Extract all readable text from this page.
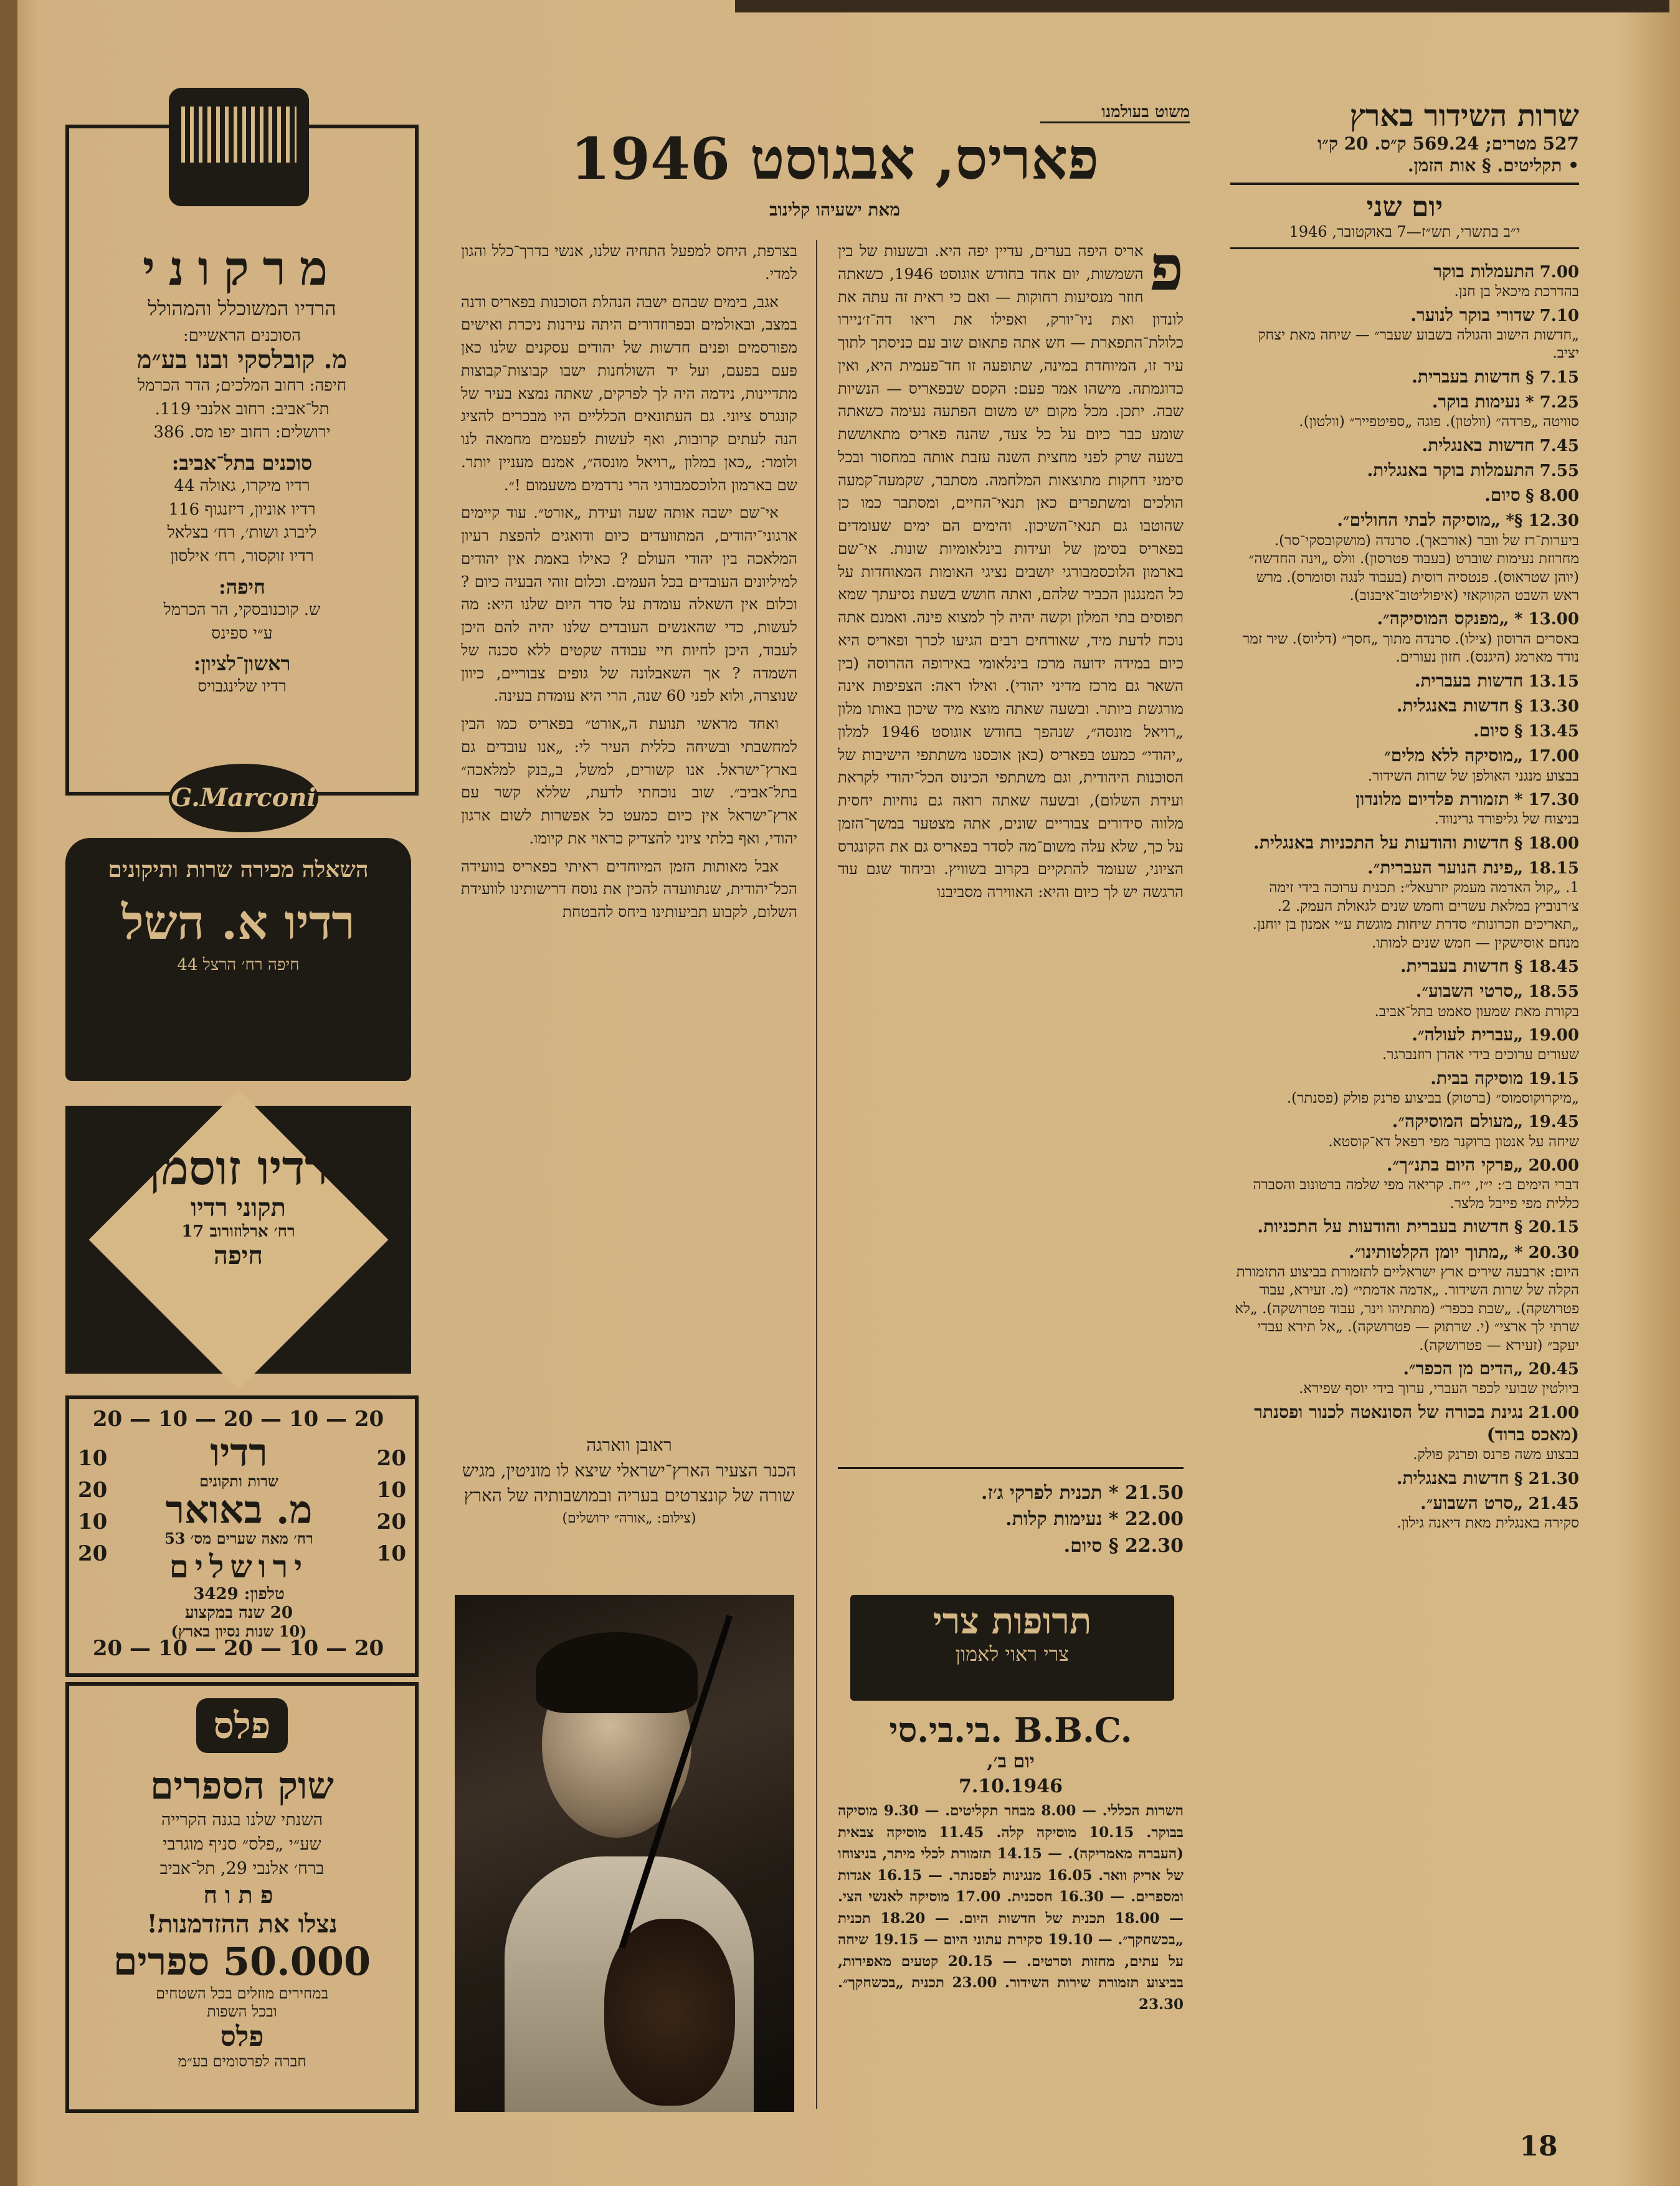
שרות השידור בארץ
527 מטרים; 569.24 ק״ס. 20 ק״ו
• תקליטים. § אות הזמן.
יום שני
י״ב בתשרי, תש״ז—7 באוקטובר, 1946
7.00 התעמלות בוקר
בהדרכת מיכאל בן חנן.
7.10 שדורי בוקר לנוער.
„חדשות הישוב והגולה בשבוע שעבר״ — שיחה מאת יצחק יציב.
7.15 § חדשות בעברית.
7.25 * נעימות בוקר.
סוויטה „פרדה״ (וולטון). פוגה „ספיטפייר״ (וולטון).
7.45 חדשות באנגלית.
7.55 התעמלות בוקר באנגלית.
8.00 § סיום.
12.30 §* „מוסיקה לבתי החולים״.
ביערות־רז של וובר (אורבאך). סרנדה (מושקובסקי־סר). מחרוזת נעימות שוברט (בעבוד פטרסון). וולס „וינה החדשה״ (יוהן שטראוס). פנטסיה רוסית (בעבוד לנגה וסומרס). מרש ראש השבט הקווקאזי (איפוליטוב־איבנוב).
13.00 * „מפנקס המוסיקה״.
באסרים הרוסון (צילו). סרנדה מתוך „חסך״ (דליוס). שיר זמר נודד מארמג (היגנס). חזון נעורים.
13.15 חדשות בעברית.
13.30 § חדשות באנגלית.
13.45 § סיום.
17.00 „מוסיקה ללא מלים״
בבצוע מנגני האולפן של שרות השידור.
17.30 * תזמורת פלדיום מלונדון
בניצוח של גליפורד גרינווד.
18.00 § חדשות והודעות על התכניות באנגלית.
18.15 „פינת הנוער העברית״.
1. „קול האדמה מעמק יזרעאל״: תכנית ערוכה בידי זימה צ׳רנוביץ במלאת עשרים וחמש שנים לגאולת העמק. 2. „תאריכים וזכרונות״ סדרת שיחות מוגשת ע״י אמנון בן יוחנן. מנחם אוסישקין — חמש שנים למותו.
18.45 § חדשות בעברית.
18.55 „סרטי השבוע״.
בקורת מאת שמעון סאמט בתל־אביב.
19.00 „עברית לעולה״.
שעורים ערוכים בידי אהרן רוזנברגר.
19.15 מוסיקה בבית.
„מיקרוקוסמוס״ (ברטוק) בביצוע פרנק פולק (פסנתר).
19.45 „מעולם המוסיקה״.
שיחה על אנטון ברוקנר מפי רפאל דא־קוסטא.
20.00 „פרקי היום בתנ״ך״.
דברי הימים ב׳: י״ז, י״ח. קריאה מפי שלמה ברטונוב והסברה כללית מפי פייבל מלצר.
20.15 § חדשות בעברית והודעות על התכניות.
20.30 * „מתוך יומן הקלטותינו״.
היום: ארבעה שירים ארץ ישראליים לתזמורת בביצוע התזמורת הקלה של שרות השידור. „אדמה אדמתי״ (מ. זעירא, עבוד פטרושקה). „שבת בכפר״ (מתתיהו וינר, עבוד פטרושקה). „לא שרתי לך ארצי״ (י. שרתוק — פטרושקה). „אל תירא עבדי יעקב״ (זעירא — פטרושקה).
20.45 „הדים מן הכפר״.
ביולטין שבועי לכפר העברי, ערוך בידי יוסף שפירא.
21.00 נגינת בכורה של הסונאטה לכנור ופסנתר (מאכס ברוד)
בבצוע משה פרנס ופרנק פולק.
21.30 § חדשות באנגלית.
21.45 „סרט השבוע״.
סקירה באנגלית מאת דיאנה גילון.
משוט בעולמנו
פאריס, אבגוסט 1946
מאת ישעיהו קלינוב
פ
אריס היפה בערים, עדיין יפה היא. ובשעות של בין השמשות, יום אחד בחודש אוגוסט 1946, כשאתה חוזר מנסיעות רחוקות — ואם כי ראית זה עתה את לונדון ואת ניו־יורק, ואפילו את ריאו דה־ז׳ניירו כלולת־התפארת — חש אתה פתאום שוב עם כניסתך לתוך עיר זו, המיוחדת במינה, שתופעה זו חד־פעמית היא, ואין כדוגמתה. מישהו אמר פעם: הקסם שבפאריס — הנשיות שבה. יתכן. מכל מקום יש משום הפתעה נעימה כשאתה שומע כבר כיום על כל צעד, שהנה פאריס מתאוששת בשעה שרק לפני מחצית השנה עזבת אותה במחסור ובכל סימני דחקות מתוצאות המלחמה. מסתבר, שקמעה־קמעה הולכים ומשתפרים כאן תנאי־החיים, ומסתבר כמו כן שהוטבו גם תנאי־השיכון. והימים הם ימים שעומדים בפאריס בסימן של ועידות בינלאומיות שונות. אי־שם בארמון הלוכסמבורגי יושבים נציגי האומות המאוחדות על כל המנגנון הכביר שלהם, ואתה חושש בשעת נסיעתך שמא תפוסים בתי המלון וקשה יהיה לך למצוא פינה. ואמנם אתה נוכח לדעת מיד, שאורחים רבים הגיעו לכרך ופאריס היא כיום במידה ידועה מרכז בינלאומי באירופה ההרוסה (בין השאר גם מרכז מדיני יהודי). ואילו ראה: הצפיפות אינה מורגשת ביותר. ובשעה שאתה מוצא מיד שיכון באותו מלון „רויאל מונסה״, שנהפך בחודש אוגוסט 1946 למלון „יהודי״ כמעט בפאריס (כאן אוכסנו משתתפי הישיבות של הסוכנות היהודית, וגם משתתפי הכינוס הכל־יהודי לקראת ועידת השלום), ובשעה שאתה רואה גם נוחיות יחסית מלווה סידורים צבוריים שונים, אתה מצטער במשך־הזמן על כך, שלא עלה משום־מה לסדר בפאריס גם את הקונגרס הציוני, שעומד להתקיים בקרוב בשוויץ. וביחוד שגם עוד הרגשה יש לך כיום והיא: האווירה מסביבנו

בצרפת, היחס למפעל התחיה שלנו, אנשי בדרך־כלל והגון למדי.

אגב, בימים שבהם ישבה הנהלת הסוכנות בפאריס ודנה במצב, ובאולמים ובפרוזדורים היתה עירנות ניכרת ואישים מפורסמים ופנים חדשות של יהודים עסקנים שלנו כאן פעם בפעם, ועל יד השולחנות ישבו קבוצות־קבוצות מתדיינות, נידמה היה לך לפרקים, שאתה נמצא בעיר של קונגרס ציוני. גם העתונאים הכלליים היו מבכרים להציג הנה לעתים קרובות, ואף לעשות לפעמים מחמאה לנו ולומר: „כאן במלון „רויאל מונסה״, אמנם מעניין יותר. שם בארמון הלוכסמבורגי הרי נרדמים משעמום !״.

אי־שם ישבה אותה שעה ועידת „אורט״. עוד קיימים ארגוני־יהודים, המתוועדים כיום ודואגים להפצת רעיון המלאכה בין יהודי העולם ? כאילו באמת אין יהודים למיליונים העובדים בכל העמים. וכלום זוהי הבעיה כיום ? וכלום אין השאלה עומדת על סדר היום שלנו היא: מה לעשות, כדי שהאנשים העובדים שלנו יהיה להם היכן לעבוד, היכן לחיות חיי עבודה שקטים ללא סכנה של השמדה ? אך השאבלונה של גופים צבוריים, כיוון שנוצרה, ולוא לפני 60 שנה, הרי היא עומדת בעינה.

ואחד מראשי תנועת ה„אורט״ בפאריס כמו הבין למחשבתי ובשיחה כללית העיר לי: „אנו עובדים גם בארץ־ישראל. אנו קשורים, למשל, ב„בנק למלאכה״ בתל־אביב״. שוב נוכחתי לדעת, שללא קשר עם ארץ־ישראל אין כיום כמעט כל אפשרות לשום ארגון יהודי, ואף בלתי ציוני להצדיק כראוי את קיומו.

אבל מאותות הזמן המיוחדים ראיתי בפאריס בוועידה הכל־יהודית, שנתוועדה להכין את נוסח דרישותינו לוועידת השלום, לקבוע תביעותינו ביחס להבטחת

ראובן ווארגה
הכנר הצעיר הארץ־ישראלי שיצא לו מוניטין, מגיש שורה של קונצרטים בעריה ובמושבותיה של הארץ
(צילום: „אורה״ ירושלים)
21.50 * תכנית לפרקי ג׳ז.
22.00 * נעימות קלות.
22.30 § סיום.
תרופות צרי
צרי ראוי לאמון
בי.בי.סי. B.B.C.
יום ב׳,
7.10.1946
השרות הכללי. — 8.00 מבחר תקליטים. — 9.30 מוסיקה בבוקר. 10.15 מוסיקה קלה. 11.45 מוסיקה צבאית (העברה מאמריקה). — 14.15 תזמורת לכלי מיתר, בניצוחו של אריק וואר. 16.05 מנגינות לפסנתר. — 16.15 אגדות ומספרים. — 16.30 חסכנית. 17.00 מוסיקה לאנשי הצי. — 18.00 תכנית של חדשות היום. — 18.20 תכנית „בכשחקך״. — 19.10 סקירת עתוני היום — 19.15 שיחה על עתים, מחזות וסרטים. — 20.15 קטעים מאפירות, בביצוע תזמורת שירות השידור. 23.00 תכנית „בכשחקך״. 23.30
מרקוני
הרדיו המשוכלל והמהולל
הסוכנים הראשיים:
מ. קובלסקי ובנו בע״מ
חיפה: רחוב המלכים; הדר הכרמל
תל־אביב: רחוב אלנבי 119.
ירושלים: רחוב יפו מס. 386
סוכנים בתל־אביב:
רדיו מיקרו, גאולה 44
רדיו אוניון, דיזנגוף 116
ליברג ושות׳, רח׳ בצלאל
רדיו זוקסור, רח׳ אילסון
חיפה:
ש. קוכנובסקי, הר הכרמל
ע״י ספינס
ראשון־לציון:
רדיו שלינגבויס
G.Marconi
השאלה מכירה שרות ותיקונים
רדיו א. השל
חיפה רח׳ הרצל 44
רדיו זוסמן
תקוני רדיו
רח׳ ארלוזורוב 17
חיפה
20 — 10 — 20 — 10 — 20
20 — 10 — 20 — 10 — 20
20
10
20
10
10
20
10
20
רדיו
שרות ותקונים
מ. באואר
רח׳ מאה שערים מס׳ 53
ירושלים
טלפון: 3429
20 שנה במקצוע
(10 שנות נסיון בארץ)
פלס
שוק הספרים
השנתי שלנו בגנה הקרייה
שע״י „פלס״ סניף מוגרבי
ברח׳ אלנבי 29, תל־אביב
פתוח
נצלו את ההזדמנות!
50.000 ספרים
במחירים מוזלים בכל השטחים
ובכל השפות
פלס
חברה לפרסומים בע״מ
18
